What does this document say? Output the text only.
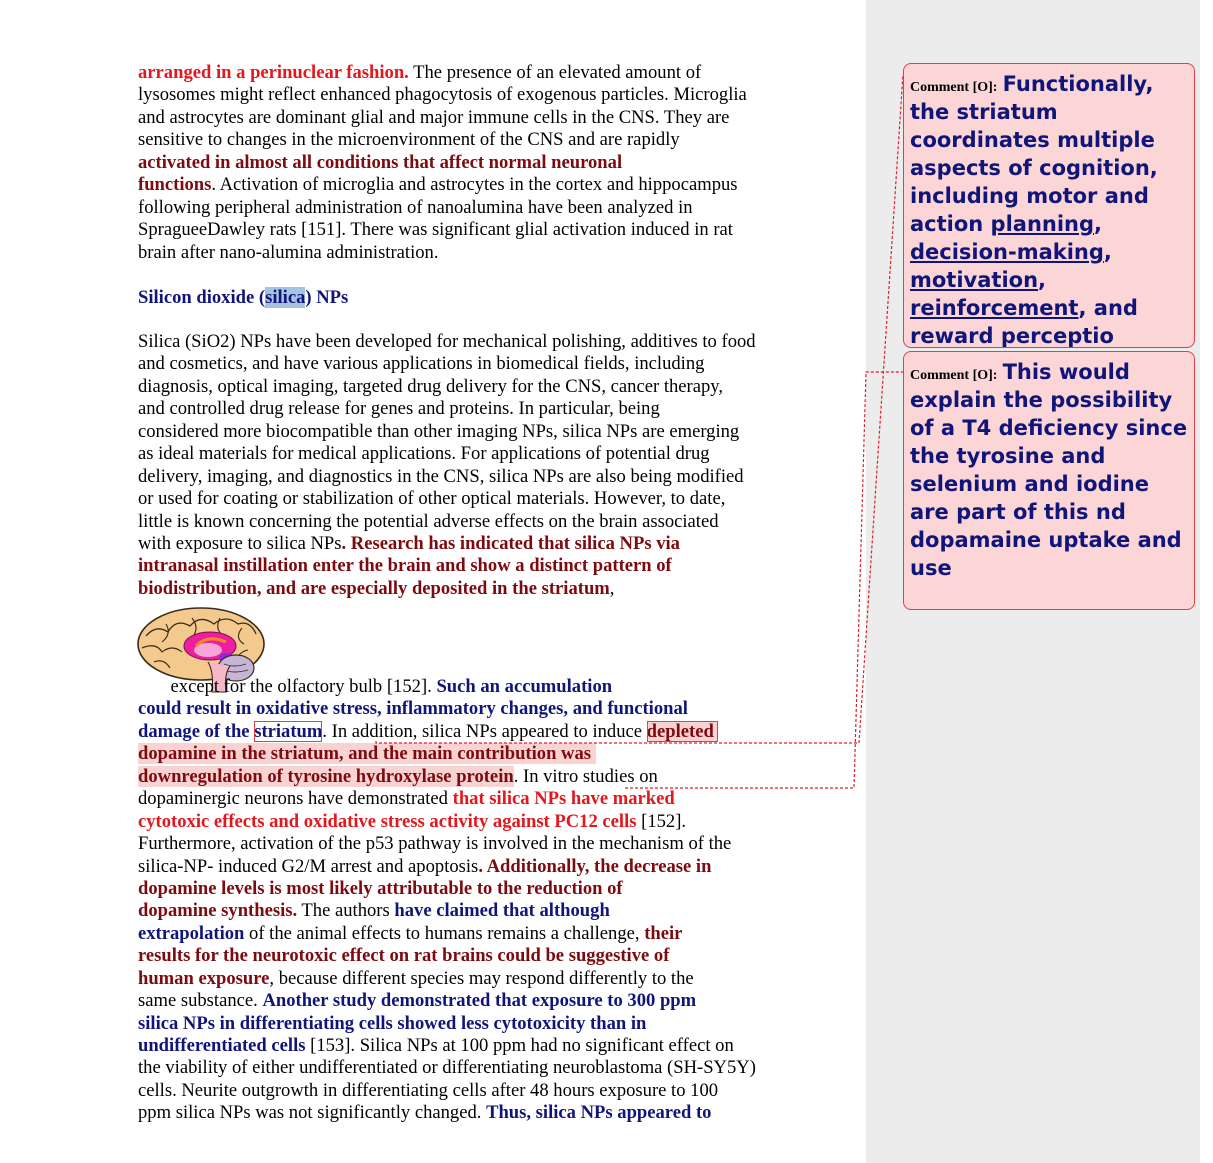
arranged in a perinuclear fashion. The presence of an elevated amount of
lysosomes might reflect enhanced phagocytosis of exogenous particles. Microglia
and astrocytes are dominant glial and major immune cells in the CNS. They are
sensitive to changes in the microenvironment of the CNS and are rapidly
activated in almost all conditions that affect normal neuronal
functions. Activation of microglia and astrocytes in the cortex and hippocampus
following peripheral administration of nanoalumina have been analyzed in
SpragueeDawley rats [151]. There was significant glial activation induced in rat
brain after nano-alumina administration.
Silicon dioxide (silica) NPs
Silica (SiO2) NPs have been developed for mechanical polishing, additives to food
and cosmetics, and have various applications in biomedical fields, including
diagnosis, optical imaging, targeted drug delivery for the CNS, cancer therapy,
and controlled drug release for genes and proteins. In particular, being
considered more biocompatible than other imaging NPs, silica NPs are emerging
as ideal materials for medical applications. For applications of potential drug
delivery, imaging, and diagnostics in the CNS, silica NPs are also being modified
or used for coating or stabilization of other optical materials. However, to date,
little is known concerning the potential adverse effects on the brain associated
with exposure to silica NPs. Research has indicated that silica NPs via
intranasal instillation enter the brain and show a distinct pattern of
biodistribution, and are especially deposited in the striatum,
except for the olfactory bulb [152]. Such an accumulation
could result in oxidative stress, inflammatory changes, and functional
damage of the striatum. In addition, silica NPs appeared to induce depleted
dopamine in the striatum, and the main contribution was
downregulation of tyrosine hydroxylase protein. In vitro studies on
dopaminergic neurons have demonstrated that silica NPs have marked
cytotoxic effects and oxidative stress activity against PC12 cells [152].
Furthermore, activation of the p53 pathway is involved in the mechanism of the
silica-NP- induced G2/M arrest and apoptosis. Additionally, the decrease in
dopamine levels is most likely attributable to the reduction of
dopamine synthesis. The authors have claimed that although
extrapolation of the animal effects to humans remains a challenge, their
results for the neurotoxic effect on rat brains could be suggestive of
human exposure, because different species may respond differently to the
same substance. Another study demonstrated that exposure to 300 ppm
silica NPs in differentiating cells showed less cytotoxicity than in
undifferentiated cells [153]. Silica NPs at 100 ppm had no significant effect on
the viability of either undifferentiated or differentiating neuroblastoma (SH-SY5Y)
cells. Neurite outgrowth in differentiating cells after 48 hours exposure to 100
ppm silica NPs was not significantly changed. Thus, silica NPs appeared to
Comment [O]: Functionally, the striatum coordinates multiple aspects of cognition, including motor and action planning, decision-making, motivation, reinforcement, and reward perceptio
Comment [O]: This would explain the possibility of a T4 deficiency since the tyrosine and selenium and iodine are part of this nd dopamaine uptake and use
